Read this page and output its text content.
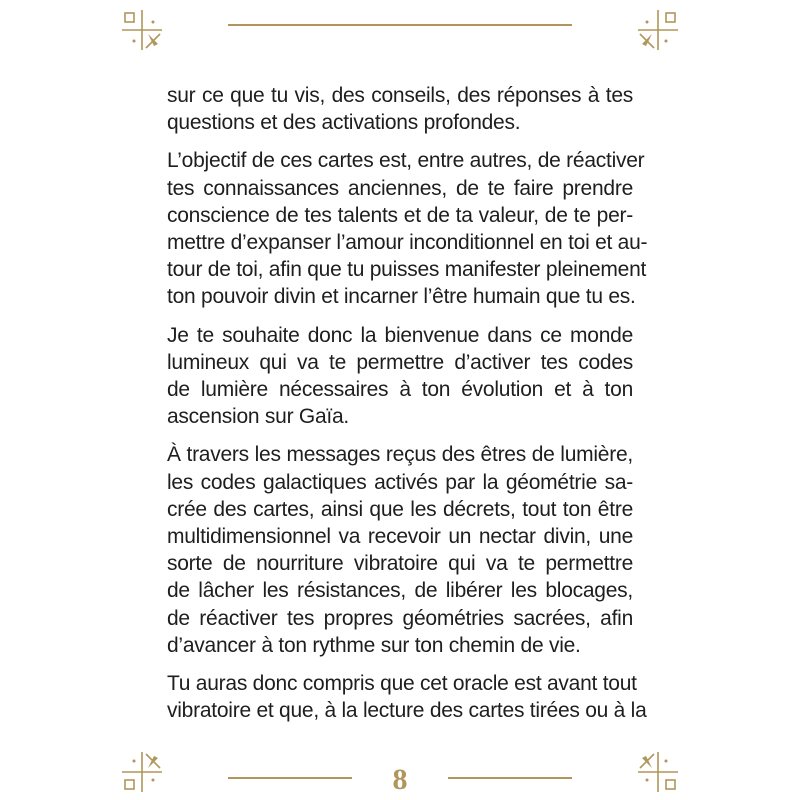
sur ce que tu vis, des conseils, des réponses à tes
questions et des activations profondes.

L’objectif de ces cartes est, entre autres, de réactiver
tes connaissances anciennes, de te faire prendre
conscience de tes talents et de ta valeur, de te per-
mettre d’expanser l’amour inconditionnel en toi et au-
tour de toi, afin que tu puisses manifester pleinement
ton pouvoir divin et incarner l’être humain que tu es.

Je te souhaite donc la bienvenue dans ce monde
lumineux qui va te permettre d’activer tes codes
de lumière nécessaires à ton évolution et à ton
ascension sur Gaïa.

À travers les messages reçus des êtres de lumière,
les codes galactiques activés par la géométrie sa-
crée des cartes, ainsi que les décrets, tout ton être
multidimensionnel va recevoir un nectar divin, une
sorte de nourriture vibratoire qui va te permettre
de lâcher les résistances, de libérer les blocages,
de réactiver tes propres géométries sacrées, afin
d’avancer à ton rythme sur ton chemin de vie.

Tu auras donc compris que cet oracle est avant tout
vibratoire et que, à la lecture des cartes tirées ou à la

8
